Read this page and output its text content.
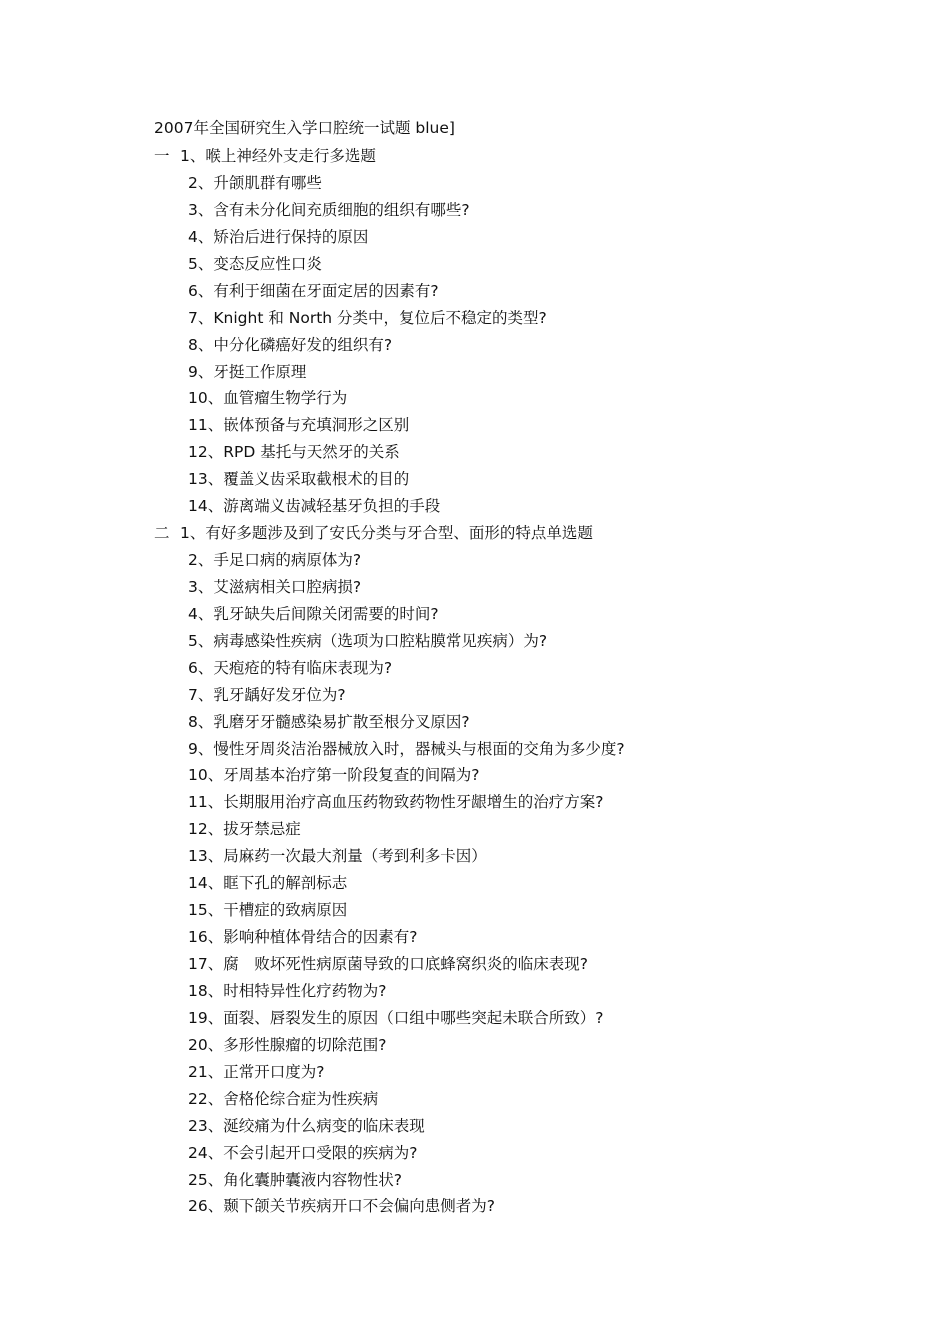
2007年全国研究生入学口腔统一试题 blue]
一 1、喉上神经外支走行多选题
2、升颌肌群有哪些
3、含有未分化间充质细胞的组织有哪些?
4、矫治后进行保持的原因
5、变态反应性口炎
6、有利于细菌在牙面定居的因素有?
7、Knight 和 North 分类中，复位后不稳定的类型?
8、中分化磷癌好发的组织有?
9、牙挺工作原理
10、血管瘤生物学行为
11、嵌体预备与充填洞形之区别
12、RPD 基托与天然牙的关系
13、覆盖义齿采取截根术的目的
14、游离端义齿减轻基牙负担的手段
二 1、有好多题涉及到了安氏分类与牙合型、面形的特点单选题
2、手足口病的病原体为?
3、艾滋病相关口腔病损?
4、乳牙缺失后间隙关闭需要的时间?
5、病毒感染性疾病（选项为口腔粘膜常见疾病）为?
6、天疱疮的特有临床表现为?
7、乳牙龋好发牙位为?
8、乳磨牙牙髓感染易扩散至根分叉原因?
9、慢性牙周炎洁治器械放入时，器械头与根面的交角为多少度?
10、牙周基本治疗第一阶段复查的间隔为?
11、长期服用治疗高血压药物致药物性牙龈增生的治疗方案?
12、拔牙禁忌症
13、局麻药一次最大剂量（考到利多卡因）
14、眶下孔的解剖标志
15、干槽症的致病原因
16、影响种植体骨结合的因素有?
17、腐　败坏死性病原菌导致的口底蜂窝织炎的临床表现?
18、时相特异性化疗药物为?
19、面裂、唇裂发生的原因（口组中哪些突起未联合所致）?
20、多形性腺瘤的切除范围?
21、正常开口度为?
22、舍格伦综合症为性疾病
23、涎绞痛为什么病变的临床表现
24、不会引起开口受限的疾病为?
25、角化囊肿囊液内容物性状?
26、颞下颌关节疾病开口不会偏向患侧者为?
